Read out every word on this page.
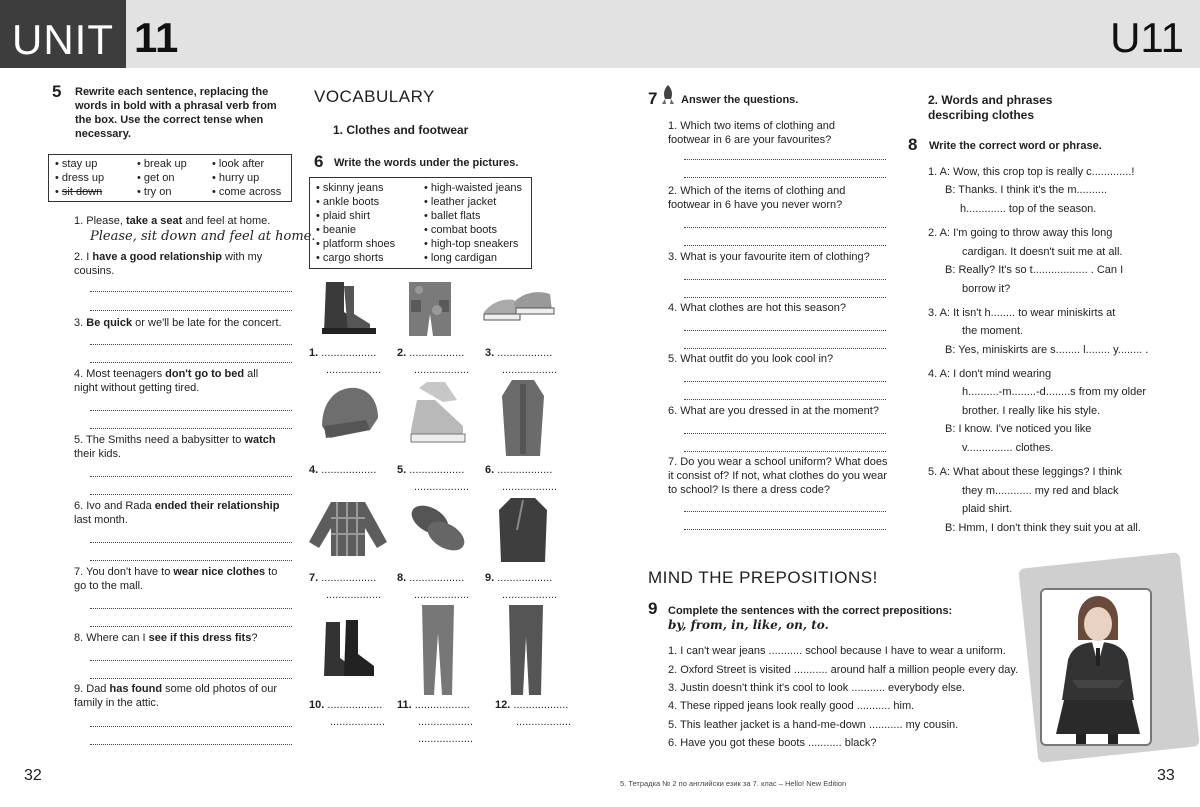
UNIT 11	U11
5 Rewrite each sentence, replacing the words in bold with a phrasal verb from the box. Use the correct tense when necessary.
• stay up
• dress up
• sit down
• break up
• get on
• try on
• look after
• hurry up
• come across
1. Please, take a seat and feel at home.
Please, sit down and feel at home.
2. I have a good relationship with my cousins.
3. Be quick or we'll be late for the concert.
4. Most teenagers don't go to bed all night without getting tired.
5. The Smiths need a babysitter to watch their kids.
6. Ivo and Rada ended their relationship last month.
7. You don't have to wear nice clothes to go to the mall.
8. Where can I see if this dress fits?
9. Dad has found some old photos of our family in the attic.
VOCABULARY
1. Clothes and footwear
6 Write the words under the pictures.
• skinny jeans
• ankle boots
• plaid shirt
• beanie
• platform shoes
• cargo shorts
• high-waisted jeans
• leather jacket
• ballet flats
• combat boots
• high-top sneakers
• long cardigan
1. ..................
..................
2. ..................
..................
3. ..................
..................
4. .................. 5. ..................
..................
6. ..................
..................
7. ..................
..................
8. ..................
..................
9. ..................
..................
10. ..................
..................
11. ..................
..................
..................
12. ..................
..................
7 Answer the questions.
1. Which two items of clothing and footwear in 6 are your favourites?
2. Which of the items of clothing and footwear in 6 have you never worn?
3. What is your favourite item of clothing?
4. What clothes are hot this season?
5. What outfit do you look cool in?
6. What are you dressed in at the moment?
7. Do you wear a school uniform? What does it consist of? If not, what clothes do you wear to school? Is there a dress code?
2. Words and phrases describing clothes
8 Write the correct word or phrase.
1. A: Wow, this crop top is really c.............!
B: Thanks. I think it's the m..........
h............. top of the season.
2. A: I'm going to throw away this long
cardigan. It doesn't suit me at all.
B: Really? It's so t.................. . Can I
borrow it?
3. A: It isn't h........ to wear miniskirts at
the moment.
B: Yes, miniskirts are s........ l........ y........ .
4. A: I don't mind wearing
h..........-m........-d........s from my older
brother. I really like his style.
B: I know. I've noticed you like
v............... clothes.
5. A: What about these leggings? I think
they m............ my red and black
plaid shirt.
B: Hmm, I don't think they suit you at all.
MIND THE PREPOSITIONS!
9 Complete the sentences with the correct prepositions:
by, from, in, like, on, to.
1. I can't wear jeans ........... school because I have to wear a uniform.
2. Oxford Street is visited ........... around half a million people every day.
3. Justin doesn't think it's cool to look ........... everybody else.
4. These ripped jeans look really good ........... him.
5. This leather jacket is a hand-me-down ........... my cousin.
6. Have you got these boots ........... black?
32	33
5. Тетрадка № 2 по английски език за 7. клас – Hello! New Edition
